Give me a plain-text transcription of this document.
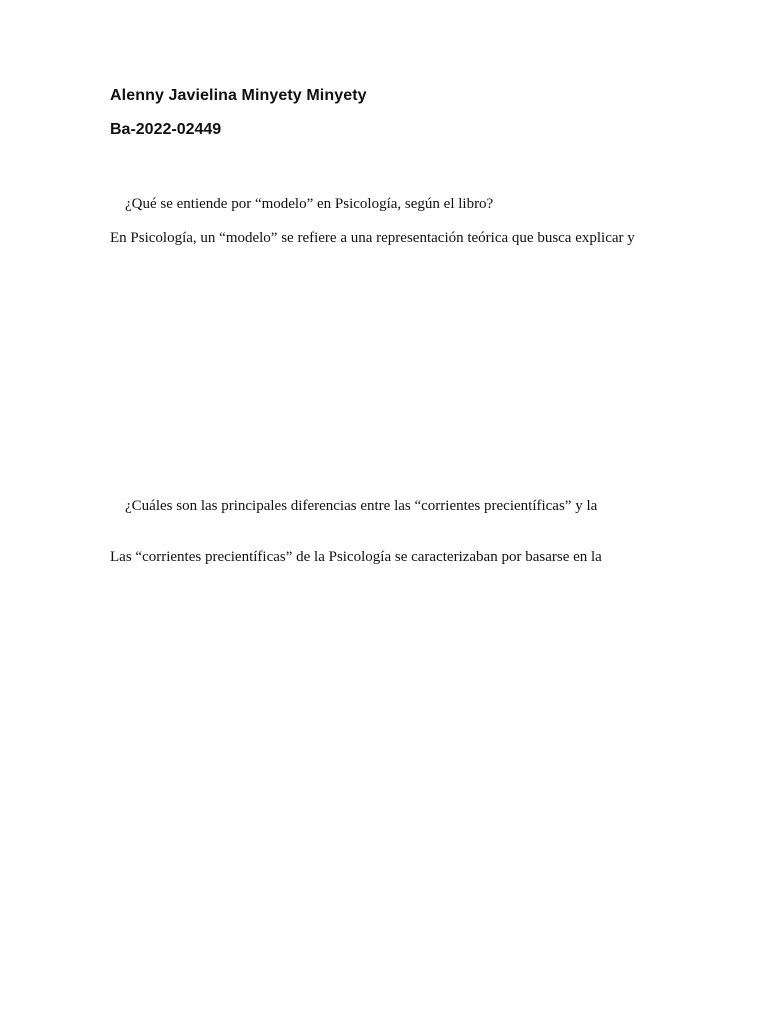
Alenny Javielina Minyety Minyety
Ba-2022-02449
¿Qué se entiende por “modelo” en Psicología, según el libro?
En Psicología, un “modelo” se refiere a una representación teórica que busca explicar y
¿Cuáles son las principales diferencias entre las “corrientes precientíficas” y la
Las “corrientes precientíficas” de la Psicología se caracterizaban por basarse en la
